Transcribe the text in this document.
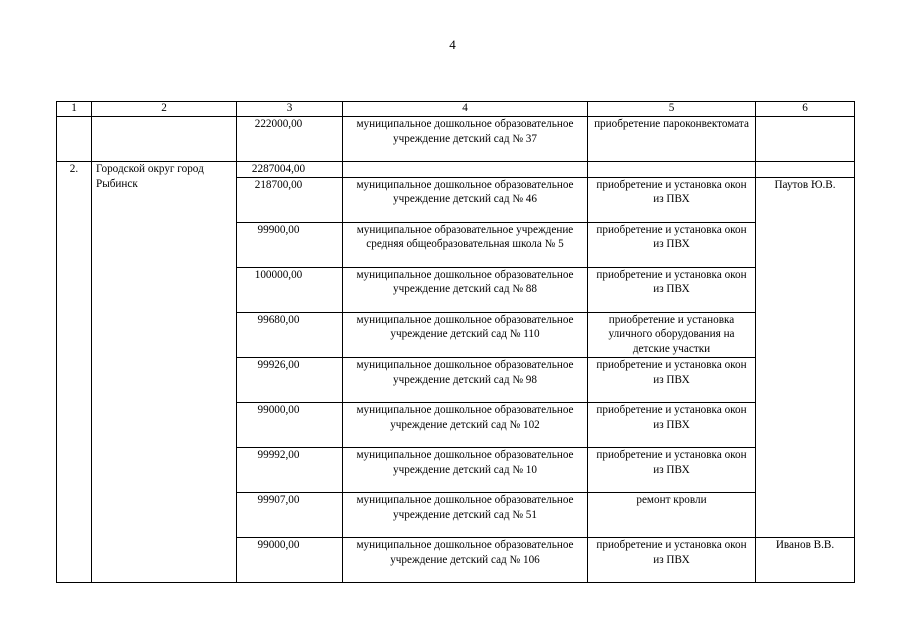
4
1	2	3	4	5	6
		222000,00	муниципальное дошкольное образовательное учреждение детский сад № 37	приобретение пароконвектомата	
2.	Городской округ город Рыбинск	2287004,00			
		218700,00	муниципальное дошкольное образовательное учреждение детский сад № 46	приобретение и установка окон из ПВХ	Паутов Ю.В.
		99900,00	муниципальное образовательное учреждение средняя общеобразовательная школа № 5	приобретение и установка окон из ПВХ	
		100000,00	муниципальное дошкольное образовательное учреждение детский сад № 88	приобретение и установка окон из ПВХ	
		99680,00	муниципальное дошкольное образовательное учреждение детский сад № 110	приобретение и установка уличного оборудования на детские участки	
		99926,00	муниципальное дошкольное образовательное учреждение детский сад № 98	приобретение и установка окон из ПВХ	
		99000,00	муниципальное дошкольное образовательное учреждение детский сад № 102	приобретение и установка окон из ПВХ	
		99992,00	муниципальное дошкольное образовательное учреждение детский сад № 10	приобретение и установка окон из ПВХ	
		99907,00	муниципальное дошкольное образовательное учреждение детский сад № 51	ремонт кровли	
		99000,00	муниципальное дошкольное образовательное учреждение детский сад № 106	приобретение и установка окон из ПВХ	Иванов В.В.
